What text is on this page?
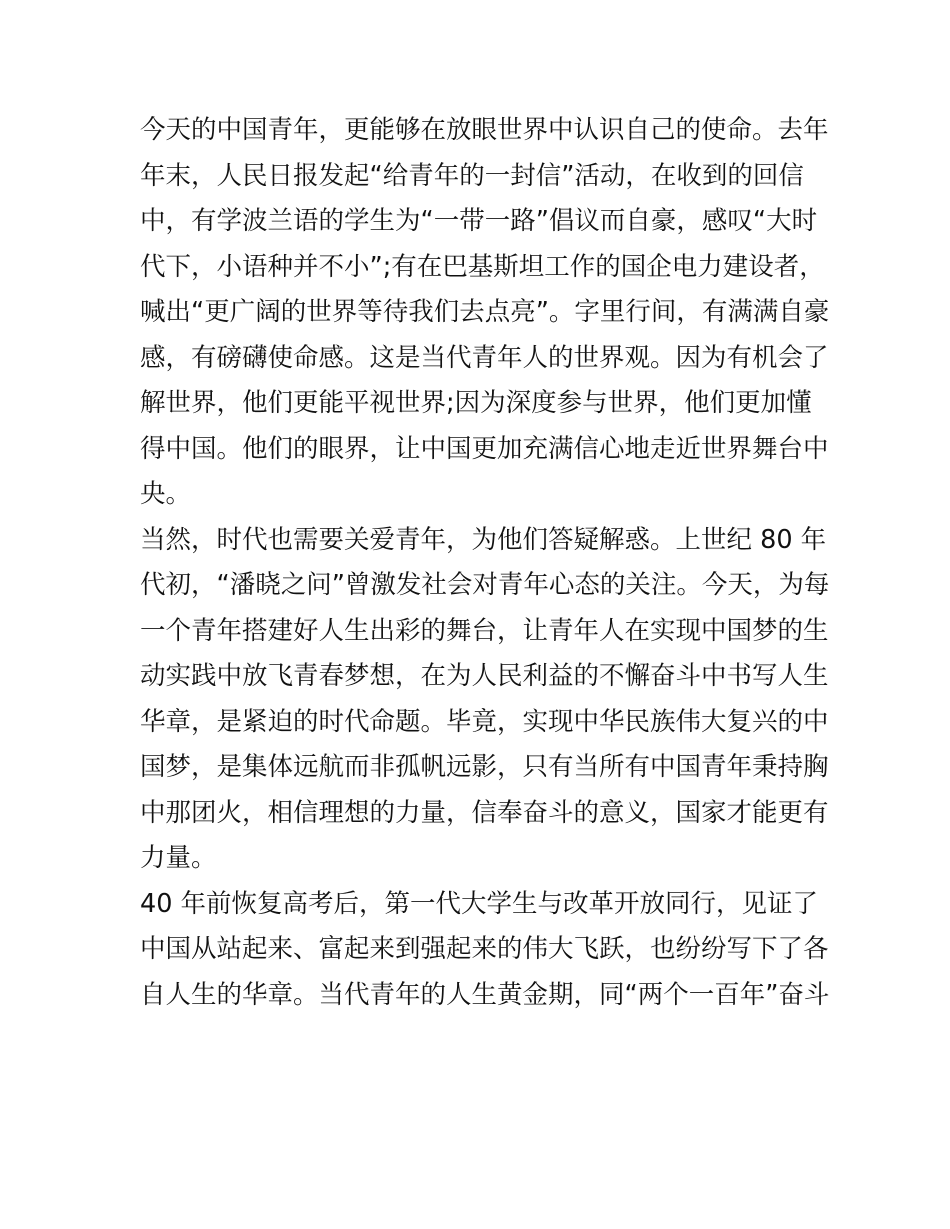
今天的中国青年，更能够在放眼世界中认识自己的使命。去年
年末，人民日报发起“给青年的一封信”活动，在收到的回信
中，有学波兰语的学生为“一带一路”倡议而自豪，感叹“大时
代下，小语种并不小”;有在巴基斯坦工作的国企电力建设者，
喊出“更广阔的世界等待我们去点亮”。字里行间，有满满自豪
感，有磅礴使命感。这是当代青年人的世界观。因为有机会了
解世界，他们更能平视世界;因为深度参与世界，他们更加懂
得中国。他们的眼界，让中国更加充满信心地走近世界舞台中
央。
当然，时代也需要关爱青年，为他们答疑解惑。上世纪 80 年
代初，“潘晓之问”曾激发社会对青年心态的关注。今天，为每
一个青年搭建好人生出彩的舞台，让青年人在实现中国梦的生
动实践中放飞青春梦想，在为人民利益的不懈奋斗中书写人生
华章，是紧迫的时代命题。毕竟，实现中华民族伟大复兴的中
国梦，是集体远航而非孤帆远影，只有当所有中国青年秉持胸
中那团火，相信理想的力量，信奉奋斗的意义，国家才能更有
力量。
40 年前恢复高考后，第一代大学生与改革开放同行，见证了
中国从站起来、富起来到强起来的伟大飞跃，也纷纷写下了各
自人生的华章。当代青年的人生黄金期，同“两个一百年”奋斗
